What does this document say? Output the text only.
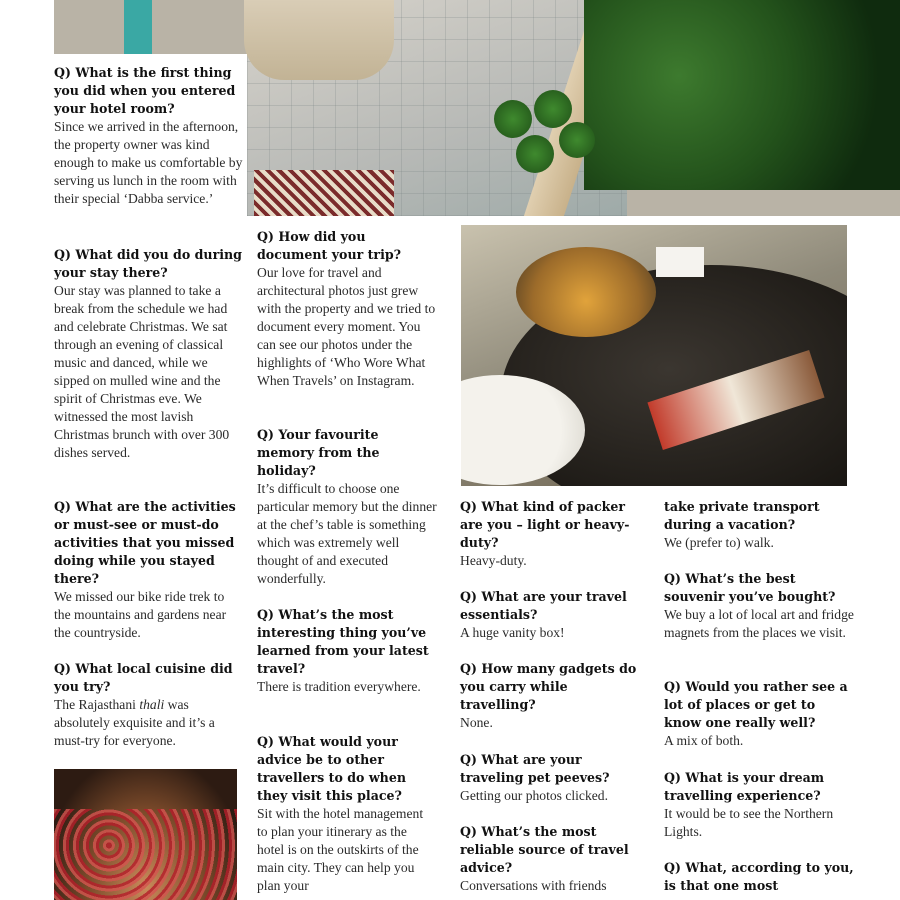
Q) What is the first thing you did when you entered your hotel room?
Since we arrived in the afternoon, the property owner was kind enough to make us comfortable by serving us lunch in the room with their special ‘Dabba service.’
Q) What did you do during your stay there?
Our stay was planned to take a break from the schedule we had and celebrate Christmas. We sat through an evening of classical music and danced, while we sipped on mulled wine and the spirit of Christmas eve. We witnessed the most lavish Christmas brunch with over 300 dishes served.
Q) What are the activities or must-see or must-do activities that you missed doing while you stayed there?
We missed our bike ride trek to the mountains and gardens near the countryside.
Q) What local cuisine did you try?
The Rajasthani thali was absolutely exquisite and it’s a must-try for everyone.
Q) How did you document your trip?
Our love for travel and architectural photos just grew with the property and we tried to document every moment. You can see our photos under the highlights of ‘Who Wore What When Travels’ on Instagram.
Q) Your favourite memory from the holiday?
It’s difficult to choose one particular memory but the dinner at the chef’s table is something which was extremely well thought of and executed wonderfully.
Q) What’s the most interesting thing you’ve learned from your latest travel?
There is tradition everywhere.
Q) What would your advice be to other travellers to do when they visit this place?
Sit with the hotel management to plan your itinerary as the hotel is on the outskirts of the main city. They can help you plan your
Q) What kind of packer are you – light or heavy-duty?
Heavy-duty.
Q) What are your travel essentials?
A huge vanity box!
Q) How many gadgets do you carry while travelling?
None.
Q) What are your traveling pet peeves?
Getting our photos clicked.
Q) What’s the most reliable source of travel advice?
Conversations with friends
take private transport during a vacation?
We (prefer to) walk.
Q) What’s the best souvenir you’ve bought?
We buy a lot of local art and fridge magnets from the places we visit.
Q) Would you rather see a lot of places or get to know one really well?
A mix of both.
Q) What is your dream travelling experience?
It would be to see the Northern Lights.
Q) What, according to you, is that one most
